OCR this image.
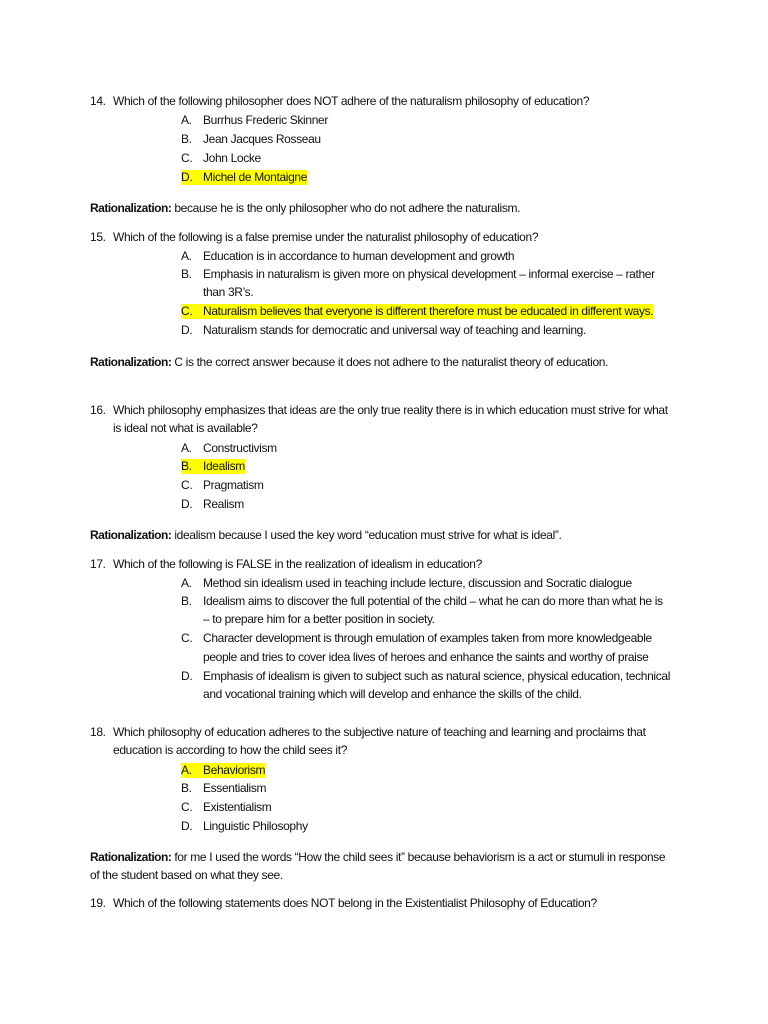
14. Which of the following philosopher does NOT adhere of the naturalism philosophy of education?
A. Burrhus Frederic Skinner
B. Jean Jacques Rosseau
C. John Locke
D. Michel de Montaigne
Rationalization: because he is the only philosopher who do not adhere the naturalism.
15. Which of the following is a false premise under the naturalist philosophy of education?
A. Education is in accordance to human development and growth
B. Emphasis in naturalism is given more on physical development – informal exercise – rather
than 3R’s.
C. Naturalism believes that everyone is different therefore must be educated in different ways.
D. Naturalism stands for democratic and universal way of teaching and learning.
Rationalization: C is the correct answer because it does not adhere to the naturalist theory of education.
16. Which philosophy emphasizes that ideas are the only true reality there is in which education must strive for what
is ideal not what is available?
A. Constructivism
B. Idealism
C. Pragmatism
D. Realism
Rationalization: idealism because I used the key word “education must strive for what is ideal”.
17. Which of the following is FALSE in the realization of idealism in education?
A. Method sin idealism used in teaching include lecture, discussion and Socratic dialogue
B. Idealism aims to discover the full potential of the child – what he can do more than what he is
– to prepare him for a better position in society.
C. Character development is through emulation of examples taken from more knowledgeable
people and tries to cover idea lives of heroes and enhance the saints and worthy of praise
D. Emphasis of idealism is given to subject such as natural science, physical education, technical
and vocational training which will develop and enhance the skills of the child.
18. Which philosophy of education adheres to the subjective nature of teaching and learning and proclaims that
education is according to how the child sees it?
A. Behaviorism
B. Essentialism
C. Existentialism
D. Linguistic Philosophy
Rationalization: for me I used the words “How the child sees it” because behaviorism is a act or stumuli in response
of the student based on what they see.
19. Which of the following statements does NOT belong in the Existentialist Philosophy of Education?
